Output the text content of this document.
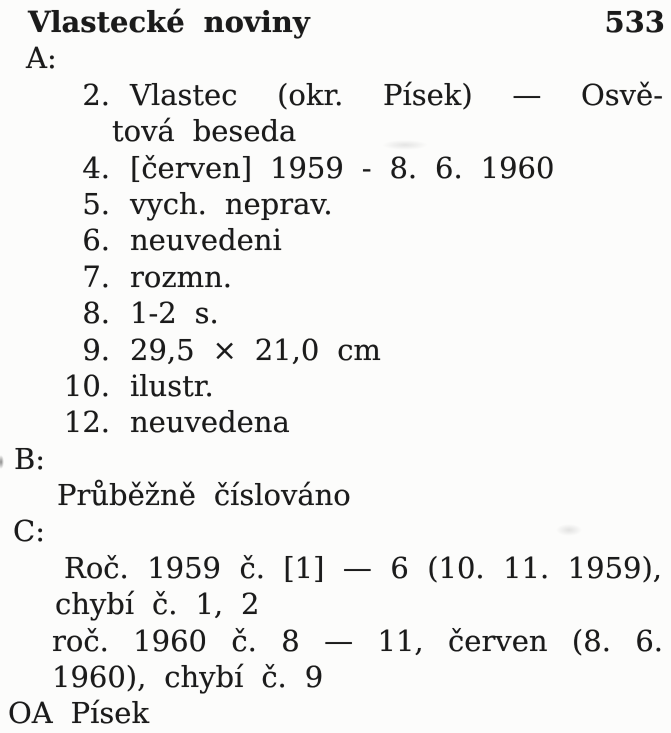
Vlastecké noviny	533
A:
2. Vlastec (okr. Písek) — Osvě-
tová beseda
4. [červen] 1959 - 8. 6. 1960
5. vych. neprav.
6. neuvedeni
7. rozmn.
8. 1-2 s.
9. 29,5 × 21,0 cm
10. ilustr.
12. neuvedena
B:
Průběžně číslováno
C:
Roč. 1959 č. [1] — 6 (10. 11. 1959),
chybí č. 1, 2
roč. 1960 č. 8 — 11, červen (8. 6.
1960), chybí č. 9
OA Písek
